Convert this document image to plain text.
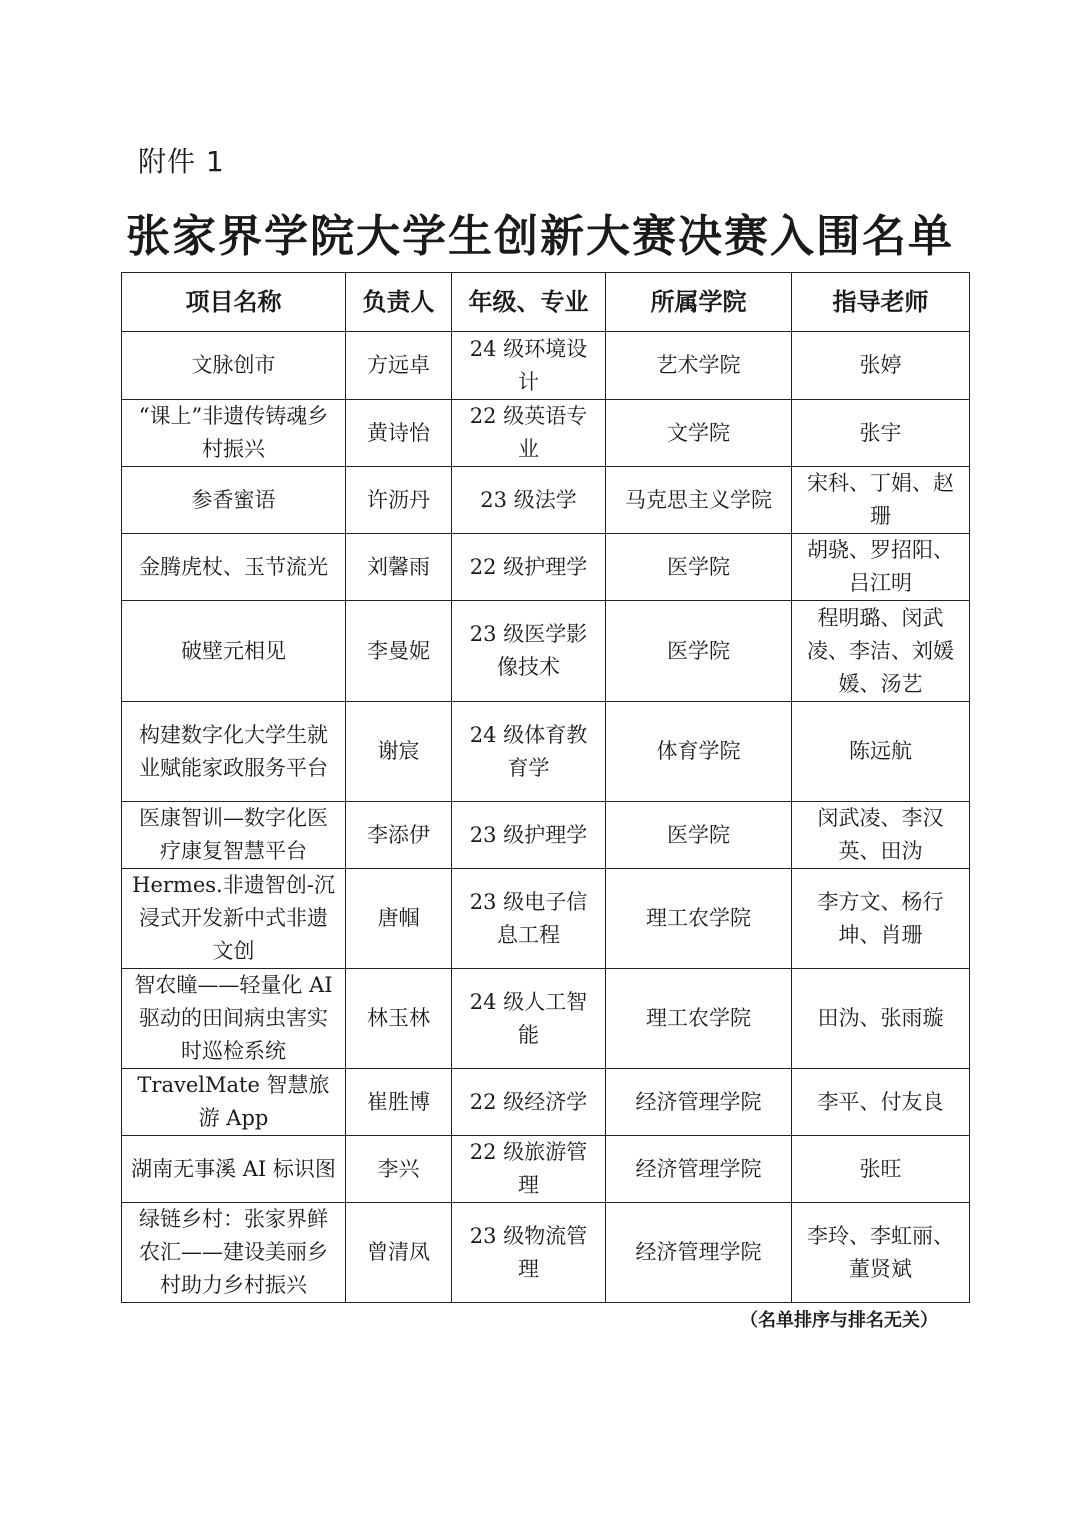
附件 1
张家界学院大学生创新大赛决赛入围名单
项目名称	负责人	年级、专业	所属学院	指导老师
文脉创市	方远卓	24 级环境设计	艺术学院	张婷
“课上”非遗传铸魂乡村振兴	黄诗怡	22 级英语专业	文学院	张宇
参香蜜语	许沥丹	23 级法学	马克思主义学院	宋科、丁娟、赵珊
金腾虎杖、玉节流光	刘馨雨	22 级护理学	医学院	胡骁、罗招阳、吕江明
破壁元相见	李曼妮	23 级医学影像技术	医学院	程明璐、闵武凌、李洁、刘媛媛、汤艺
构建数字化大学生就业赋能家政服务平台	谢宸	24 级体育教育学	体育学院	陈远航
医康智训—数字化医疗康复智慧平台	李添伊	23 级护理学	医学院	闵武凌、李汉英、田沩
Hermes.非遗智创-沉浸式开发新中式非遗文创	唐帼	23 级电子信息工程	理工农学院	李方文、杨行坤、肖珊
智农瞳——轻量化 AI 驱动的田间病虫害实时巡检系统	林玉林	24 级人工智能	理工农学院	田沩、张雨璇
TravelMate 智慧旅游 App	崔胜博	22 级经济学	经济管理学院	李平、付友良
湖南无事溪 AI 标识图	李兴	22 级旅游管理	经济管理学院	张旺
绿链乡村：张家界鲜农汇——建设美丽乡村助力乡村振兴	曾清凤	23 级物流管理	经济管理学院	李玲、李虹丽、董贤斌
（名单排序与排名无关）
